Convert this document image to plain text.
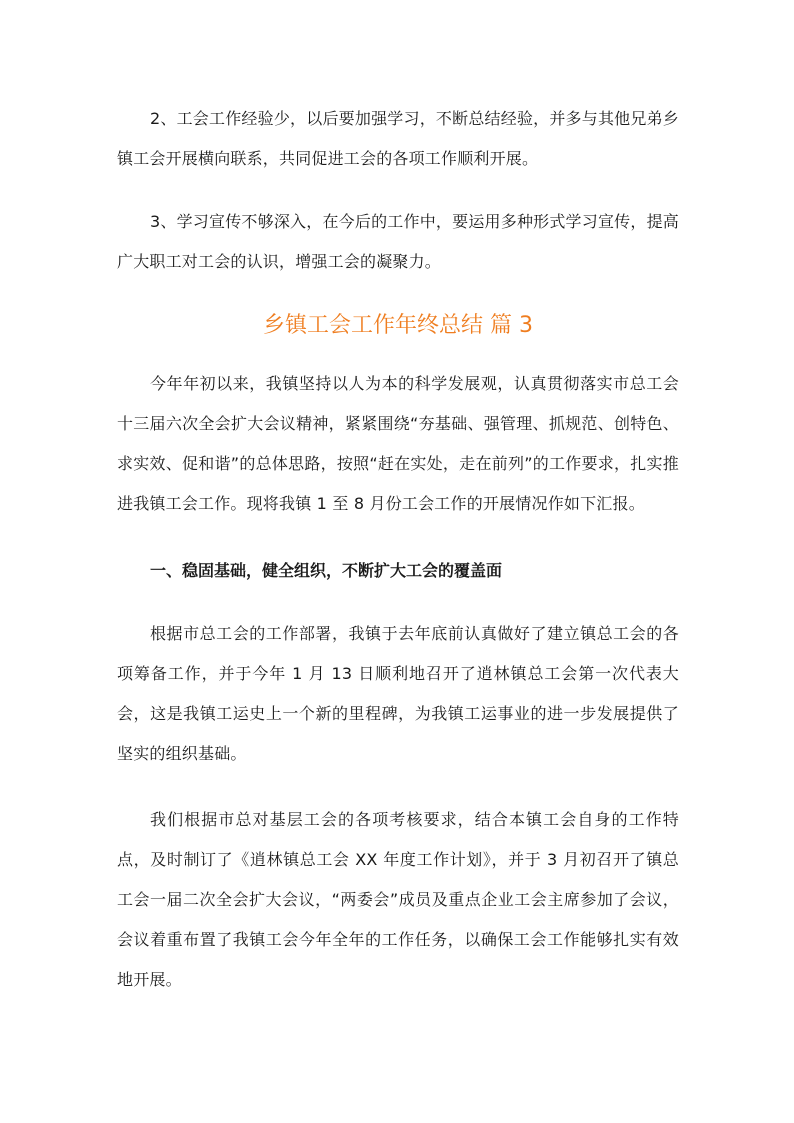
2、工会工作经验少，以后要加强学习，不断总结经验，并多与其他兄弟乡镇工会开展横向联系，共同促进工会的各项工作顺利开展。

3、学习宣传不够深入，在今后的工作中，要运用多种形式学习宣传，提高广大职工对工会的认识，增强工会的凝聚力。

乡镇工会工作年终总结 篇 3

今年年初以来，我镇坚持以人为本的科学发展观，认真贯彻落实市总工会十三届六次全会扩大会议精神，紧紧围绕“夯基础、强管理、抓规范、创特色、求实效、促和谐”的总体思路，按照“赶在实处，走在前列”的工作要求，扎实推进我镇工会工作。现将我镇 1 至 8 月份工会工作的开展情况作如下汇报。

一、稳固基础，健全组织，不断扩大工会的覆盖面

根据市总工会的工作部署，我镇于去年底前认真做好了建立镇总工会的各项筹备工作，并于今年 1 月 13 日顺利地召开了逍林镇总工会第一次代表大会，这是我镇工运史上一个新的里程碑，为我镇工运事业的进一步发展提供了坚实的组织基础。

我们根据市总对基层工会的各项考核要求，结合本镇工会自身的工作特点，及时制订了《逍林镇总工会 XX 年度工作计划》，并于 3 月初召开了镇总工会一届二次全会扩大会议，“两委会”成员及重点企业工会主席参加了会议，会议着重布置了我镇工会今年全年的工作任务，以确保工会工作能够扎实有效地开展。
